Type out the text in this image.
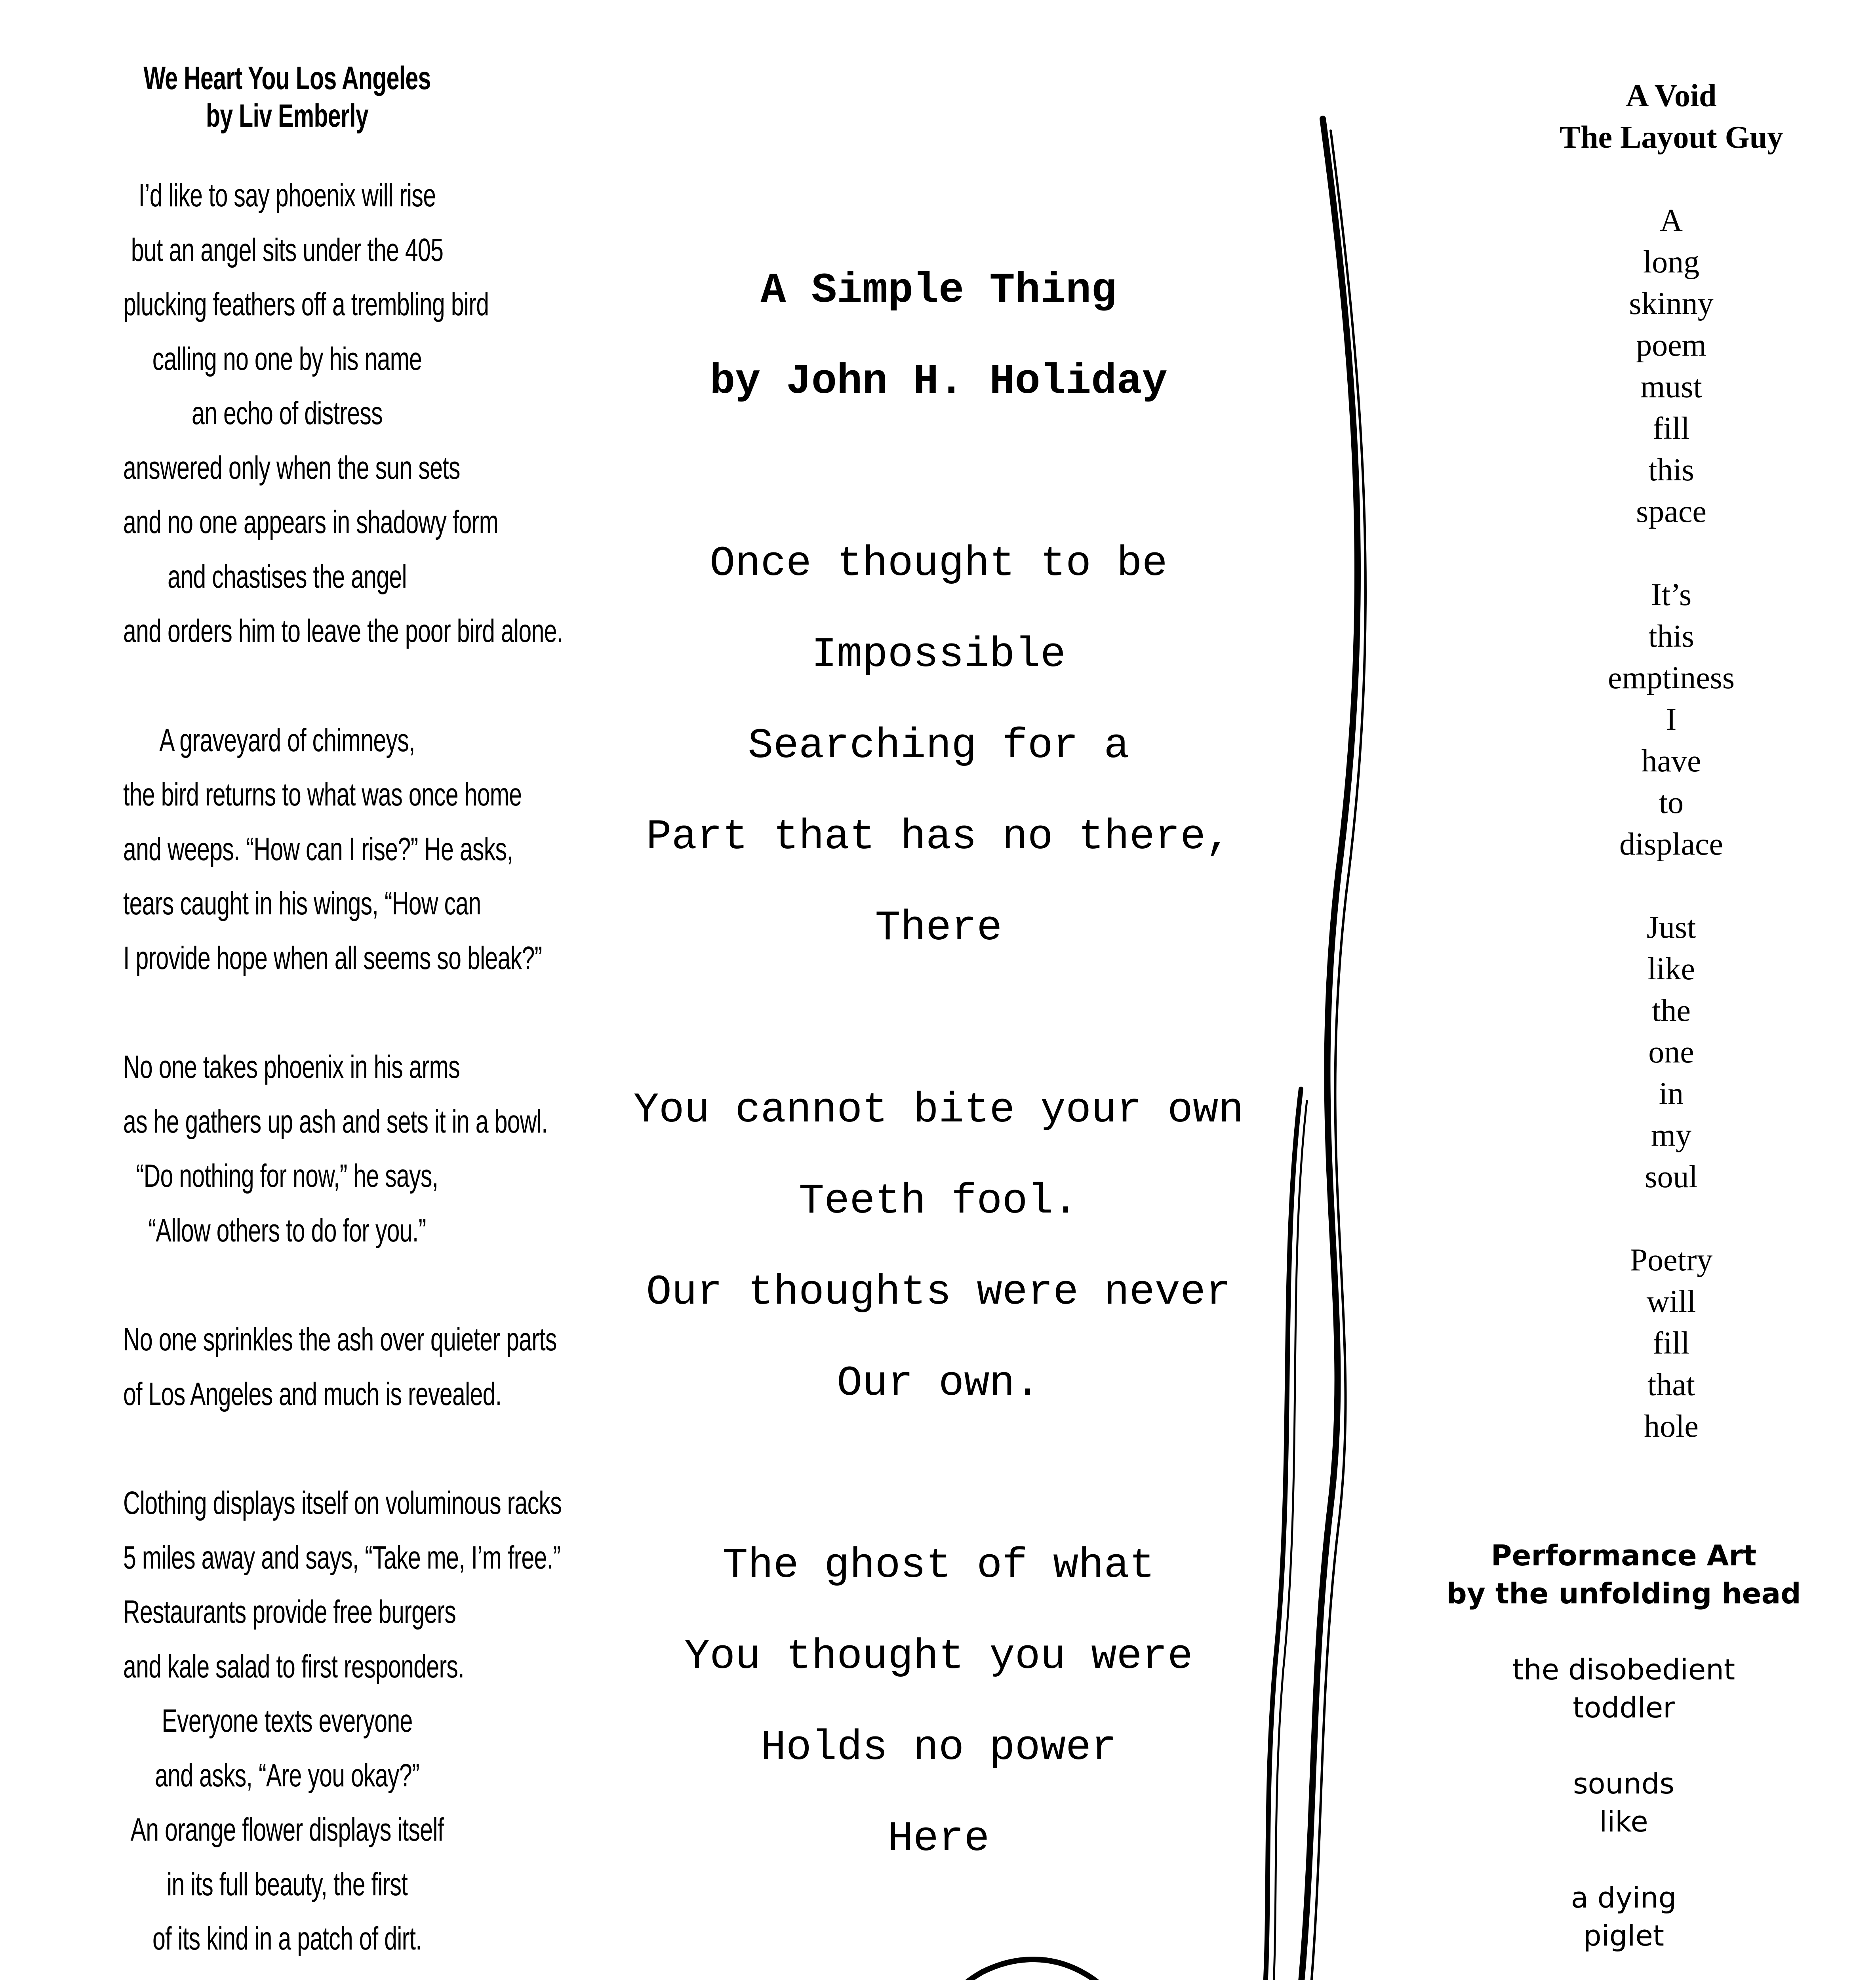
We Heart You Los Angeles
by Liv Emberly
I’d like to say phoenix will rise
but an angel sits under the 405
plucking feathers off a trembling bird
calling no one by his name
an echo of distress
answered only when the sun sets
and no one appears in shadowy form
and chastises the angel
and orders him to leave the poor bird alone.
A graveyard of chimneys,
the bird returns to what was once home
and weeps. “How can I rise?” He asks,
tears caught in his wings, “How can
I provide hope when all seems so bleak?”
No one takes phoenix in his arms
as he gathers up ash and sets it in a bowl.
“Do nothing for now,” he says,
“Allow others to do for you.”
No one sprinkles the ash over quieter parts
of Los Angeles and much is revealed.
Clothing displays itself on voluminous racks
5 miles away and says, “Take me, I’m free.”
Restaurants provide free burgers
and kale salad to first responders.
Everyone texts everyone
and asks, “Are you okay?”
An orange flower displays itself
in its full beauty, the first
of its kind in a patch of dirt.
A Simple Thing
by John H. Holiday
Once thought to be
Impossible
Searching for a
Part that has no there,
There
You cannot bite your own
Teeth fool.
Our thoughts were never
Our own.
The ghost of what
You thought you were
Holds no power
Here
A Void
The Layout Guy
A
long
skinny
poem
must
fill
this
space
It’s
this
emptiness
I
have
to
displace
Just
like
the
one
in
my
soul
Poetry
will
fill
that
hole
Performance Art
by the unfolding head
the disobedient
toddler
sounds
like
a dying
piglet
